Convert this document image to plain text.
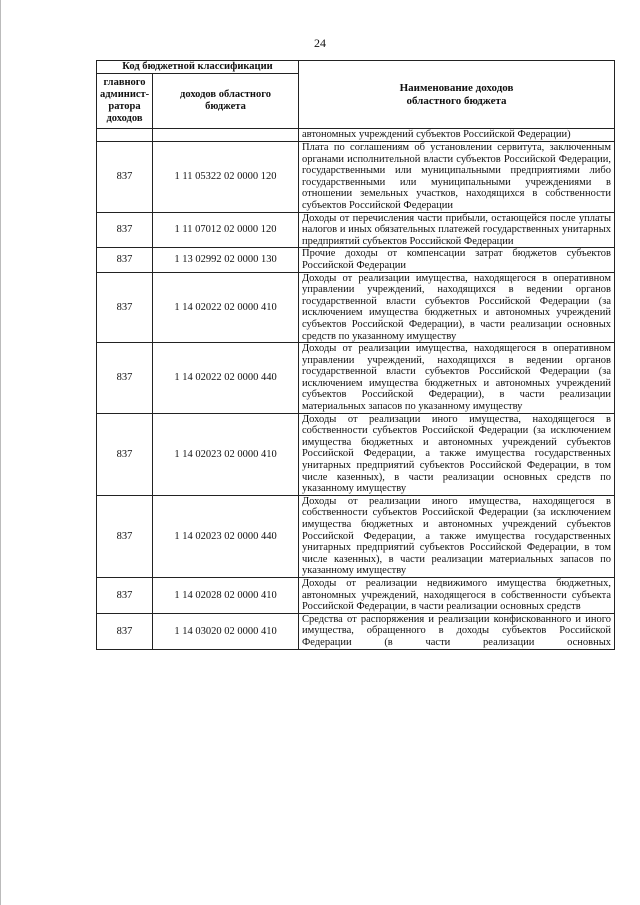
24
Код бюджетной классификации		Наименование доходов областного бюджета
главного админист-ратора доходов	доходов областного бюджета	
		автономных учреждений субъектов Российской Федерации)
837	1 11 05322 02 0000 120	Плата по соглашениям об установлении сервитута, заключенным органами исполнительной власти субъектов Российской Федерации, государственными или муниципальными предприятиями либо государственными или муниципальными учреждениями в отношении земельных участков, находящихся в собственности субъектов Российской Федерации
837	1 11 07012 02 0000 120	Доходы от перечисления части прибыли, остающейся после уплаты налогов и иных обязательных платежей государственных унитарных предприятий субъектов Российской Федерации
837	1 13 02992 02 0000 130	Прочие доходы от компенсации затрат бюджетов субъектов Российской Федерации
837	1 14 02022 02 0000 410	Доходы от реализации имущества, находящегося в оперативном управлении учреждений, находящихся в ведении органов государственной власти субъектов Российской Федерации (за исключением имущества бюджетных и автономных учреждений субъектов Российской Федерации), в части реализации основных средств по указанному имуществу
837	1 14 02022 02 0000 440	Доходы от реализации имущества, находящегося в оперативном управлении учреждений, находящихся в ведении органов государственной власти субъектов Российской Федерации (за исключением имущества бюджетных и автономных учреждений субъектов Российской Федерации), в части реализации материальных запасов по указанному имуществу
837	1 14 02023 02 0000 410	Доходы от реализации иного имущества, находящегося в собственности субъектов Российской Федерации (за исключением имущества бюджетных и автономных учреждений субъектов Российской Федерации, а также имущества государственных унитарных предприятий субъектов Российской Федерации, в том числе казенных), в части реализации основных средств по указанному имуществу
837	1 14 02023 02 0000 440	Доходы от реализации иного имущества, находящегося в собственности субъектов Российской Федерации (за исключением имущества бюджетных и автономных учреждений субъектов Российской Федерации, а также имущества государственных унитарных предприятий субъектов Российской Федерации, в том числе казенных), в части реализации материальных запасов по указанному имуществу
837	1 14 02028 02 0000 410	Доходы от реализации недвижимого имущества бюджетных, автономных учреждений, находящегося в собственности субъекта Российской Федерации, в части реализации основных средств
837	1 14 03020 02 0000 410	Средства от распоряжения и реализации конфискованного и иного имущества, обращенного в доходы субъектов Российской Федерации (в части реализации основных
